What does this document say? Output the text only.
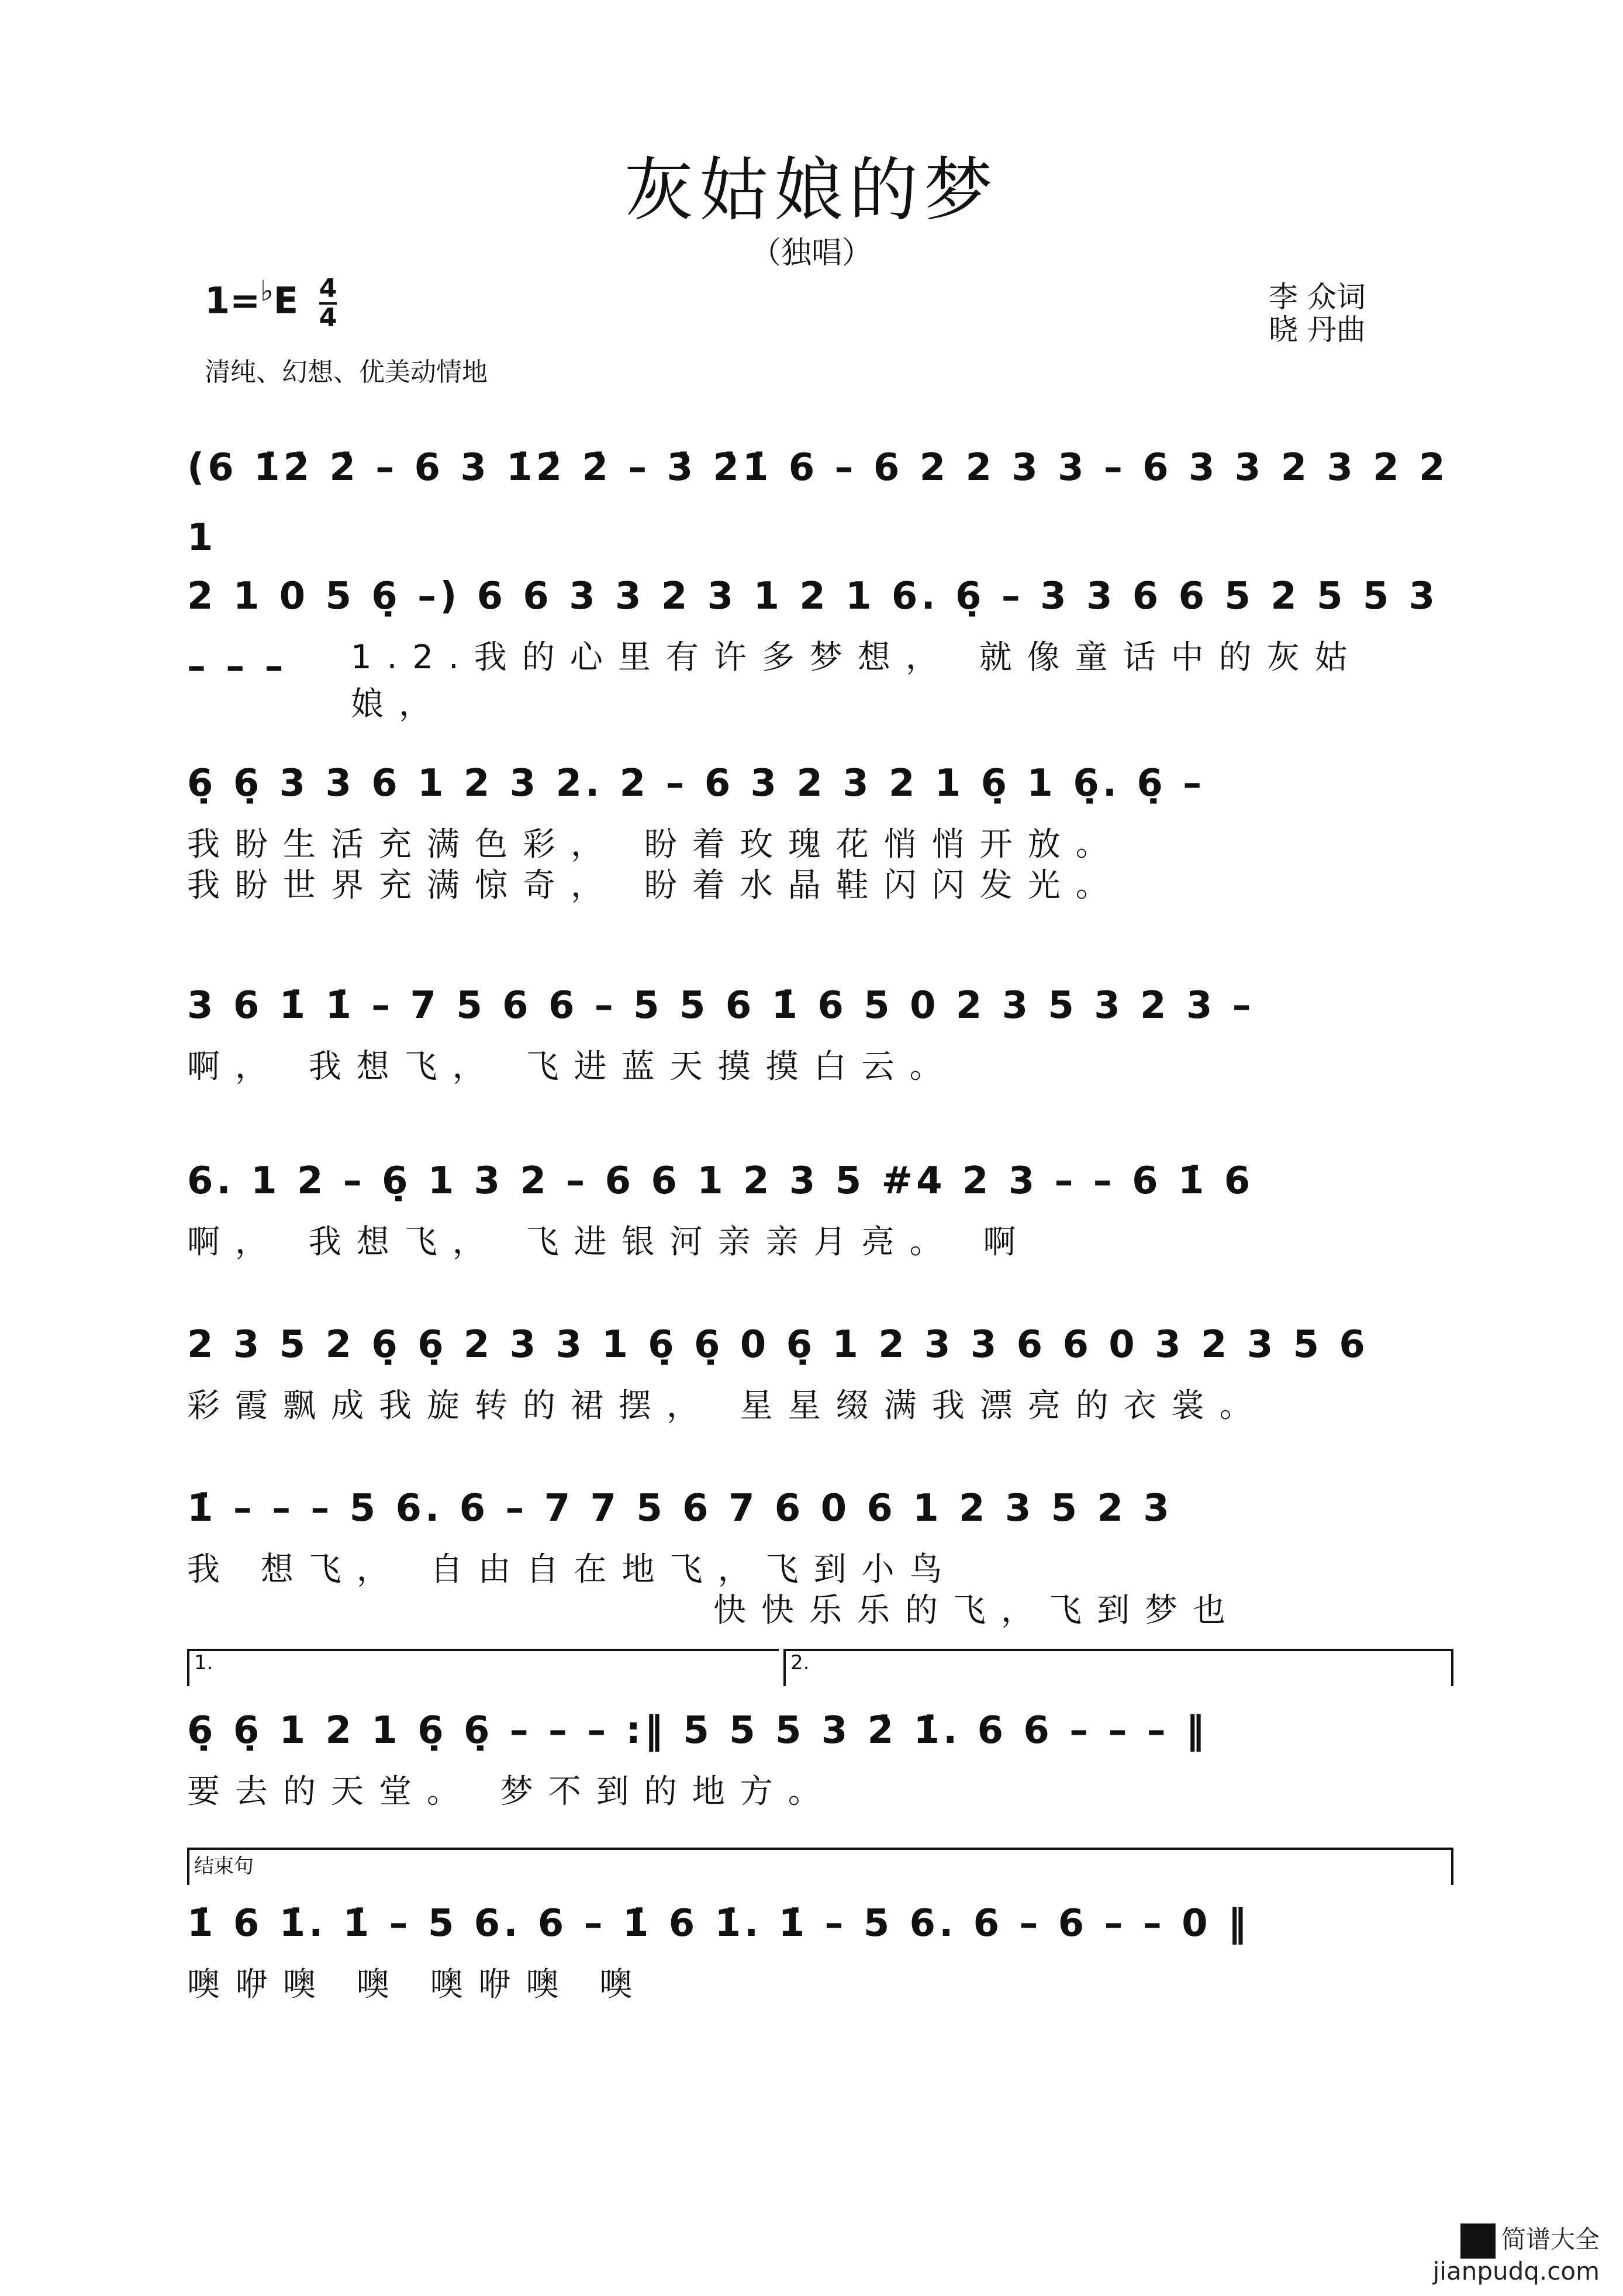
灰姑娘的梦
（独唱）
$1=^♭E \frac{4}{4}$	李 众词
晓 丹曲
清纯、幻想、优美动情地
(6 1̇2̇ 2̇ – 6 3 1̇2̇ 2̇ – 3̇ 2̇1̇ 6 – 6 2 2 3 3 – 6 3 3 2 3 2 2 1
2 1 0 5 6̣ –) 6 6 3 3 2 3 1 2 1 6. 6̣ – 3 3 6 6 5 2 5 5 3 – – –	1.2.我的心里有许多梦想， 就像童话中的灰姑娘，
6̣ 6̣ 3 3 6 1 2 3 2. 2 – 6 3 2 3 2 1 6̣ 1 6̣. 6̣ –
我盼生活充满色彩， 盼着玫瑰花悄悄开放。
我盼世界充满惊奇， 盼着水晶鞋闪闪发光。
3 6 1̇ 1̇ – 7 5 6 6 – 5 5 6 1̇ 6 5 0 2 3 5 3 2 3 –
啊， 我想飞， 飞进蓝天摸摸白云。
6. 1 2 – 6̣ 1 3 2 – 6 6 1 2 3 5 #4 2 3 – – 6 1̇ 6
啊， 我想飞， 飞进银河亲亲月亮。 啊
2 3 5 2 6̣ 6̣ 2 3 3 1 6̣ 6̣ 0 6̣ 1 2 3 3 6 6 0 3 2 3 5 6
彩霞飘成我旋转的裙摆， 星星缀满我漂亮的衣裳。
1̇ – – – 5 6. 6 – 7 7 5 6 7 6 0 6 1 2 3 5 2 3
我 想飞， 自由自在地飞，飞到小鸟
快快乐乐的飞，飞到梦也
1.	2.
6̣ 6̣ 1 2 1 6̣ 6̣ – – – :‖ 5 5 5 3 2̇ 1̇. 6 6 – – – ‖
要去的天堂。 梦不到的地方。
结束句
1̇ 6 1̇. 1̇ – 5 6. 6 – 1̇ 6 1̇. 1̇ – 5 6. 6 – 6 – – 0 ‖
噢咿噢 噢 噢咿噢 噢
简谱大全
jianpudq.com
